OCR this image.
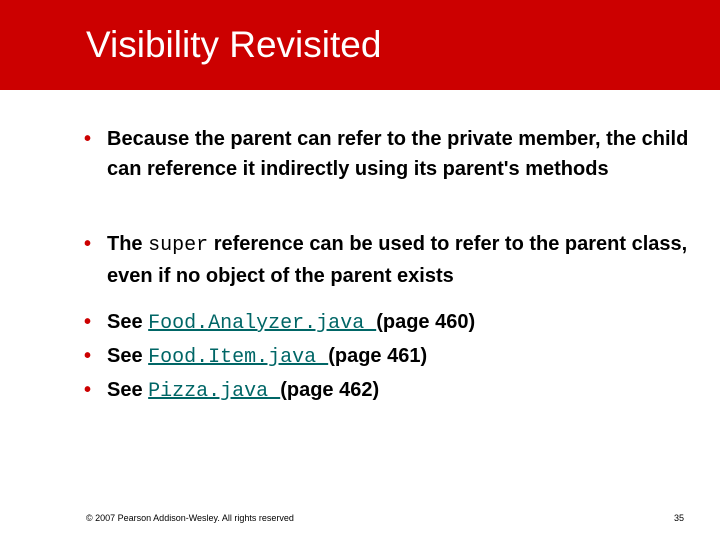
Visibility Revisited
• Because the parent can refer to the private member, the child can reference it indirectly using its parent's methods
• The super reference can be used to refer to the parent class, even if no object of the parent exists
• See Food.Analyzer.java (page 460)
• See Food.Item.java (page 461)
• See Pizza.java (page 462)
© 2007 Pearson Addison-Wesley. All rights reserved	35
